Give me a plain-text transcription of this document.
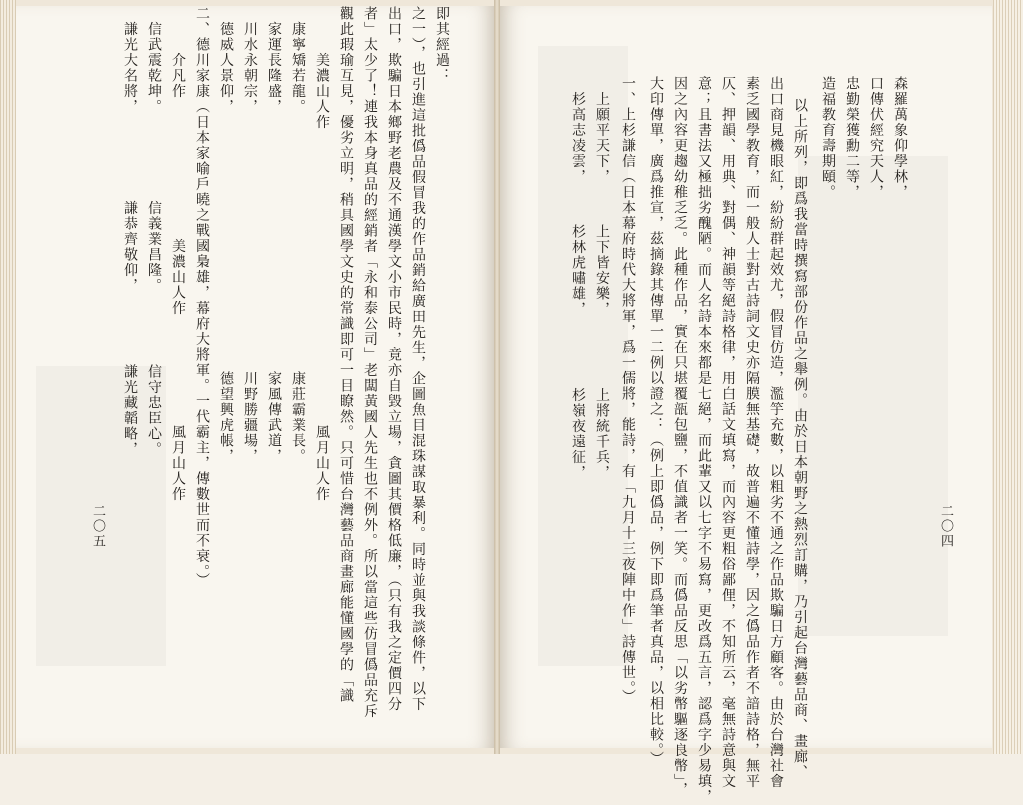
　謙光大名將，　　　　　　謙恭齊敬仰，　　　　　謙光藏韜略， 　信武震乾坤。　　　　　　信義業昌隆。　　　　　信守忠臣心。 　　　介凡作　　　　　　　　　美濃山人作　　　　　　　風月山人作 二、德川家康（日本家喻戶曉之戰國梟雄，幕府大將軍。一代霸主，傳數世而不衰。） 　德威人景仰，　　　　　　　　　　　　　　　　　德望興虎帳， 　川水永朝宗，　　　　　　　　　　　　　　　　　川野勝疆場， 　家運長隆盛，　　　　　　　　　　　　　　　　　家風傳武道， 　康寧矯若龍。　　　　　　　　　　　　　　　　　康莊霸業長。 　　　美濃山人作　　　　　　　　　　　　　　　　　　　風月山人作 觀此瑕瑜互見，優劣立明，稍具國學文史的常識即可一目瞭然。只可惜台灣藝品商畫廊能懂國學的「識 者」太少了！連我本身真品的經銷者「永和泰公司」老闆黃國人先生也不例外。所以當這些仿冒僞品充斥 出口，欺騙日本鄉野老農及不通漢學文小市民時，竟亦自毀立場，貪圖其價格低廉，（只有我之定價四分 之一），也引進這批僞品假冒我的作品銷給廣田先生，企圖魚目混珠謀取暴利。同時並與我談條件，以下 即其經過：
二〇五
森羅萬象仰學林，
口傳伏經究天人，
忠勤榮獲勳二等，
造福教育壽期頤。
以上所列，即爲我當時撰寫部份作品之舉例。由於日本朝野之熱烈訂購，乃引起台灣藝品商、畫廊、
出口商見機眼紅，紛紛群起效尤，假冒仿造，濫竽充數，以粗劣不通之作品欺騙日方顧客。由於台灣社會
素乏國學教育，而一般人士對古詩詞文史亦隔膜無基礎，故普遍不懂詩學，因之僞品作者不諳詩格，無平
仄、押韻、用典、對偶、神韻等絕詩格律，用白話文填寫，而內容更粗俗鄙俚，不知所云，毫無詩意與文
意；且書法又極拙劣醜陋。而人名詩本來都是七絕，而此輩又以七字不易寫，更改爲五言，認爲字少易填，
因之內容更趨幼稚乏乏。此種作品，實在只堪覆瓿包鹽，不值識者一笑。而僞品反思「以劣幣驅逐良幣」，
大印傳單，廣爲推宣，茲摘錄其傳單一二例以證之：（例上即僞品，例下即爲筆者真品，以相比較。）
一、上杉謙信（日本幕府時代大將軍，爲一儒將，能詩，有「九月十三夜陣中作」詩傳世。）
　上願平天下，　　　上下皆安樂，　　　　　上將統千兵，
　杉高志凌雲，　　　杉林虎嘯雄，　　　　　杉嶺夜遠征，
二〇四
